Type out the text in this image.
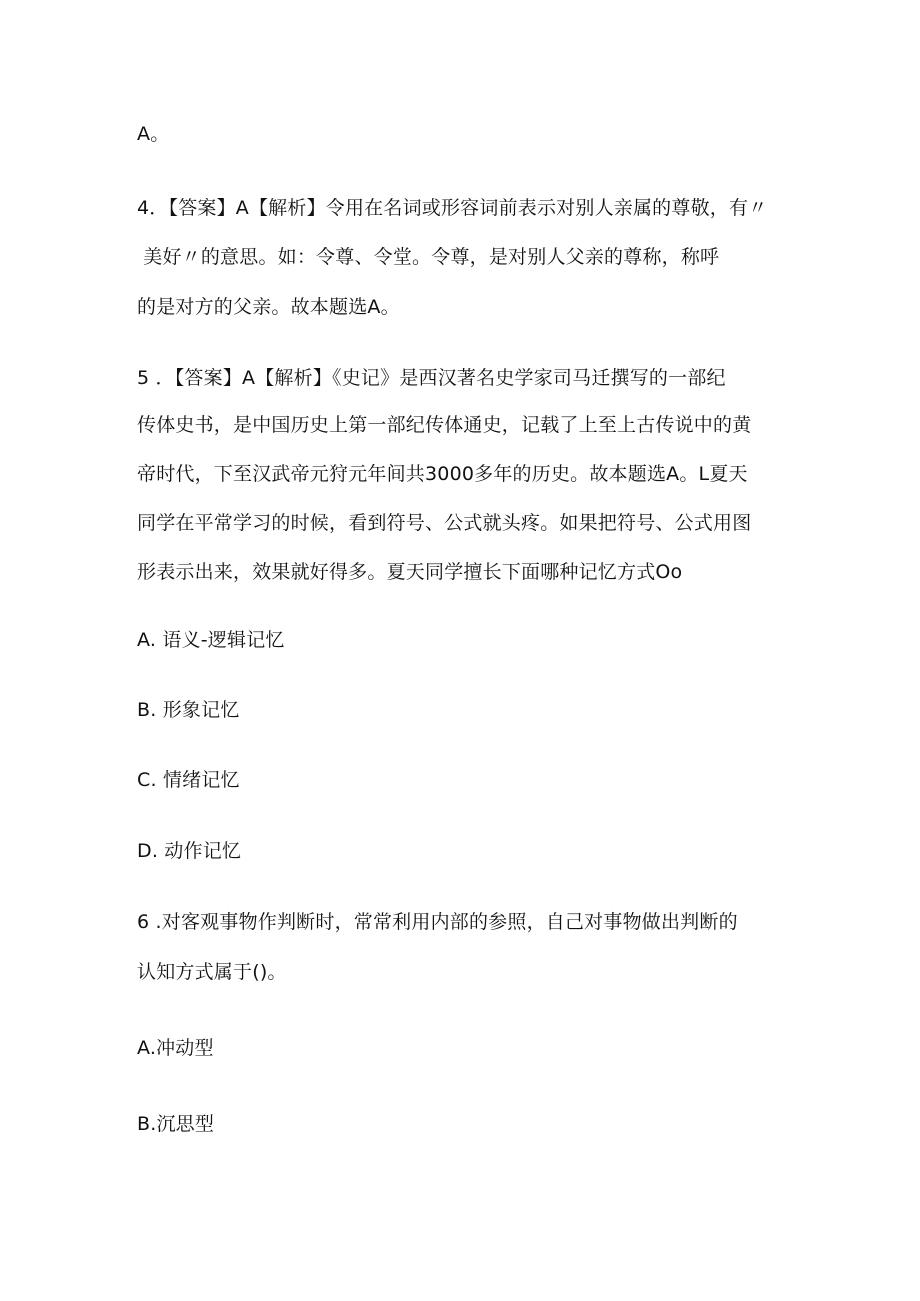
A。
4．【答案】A【解析】令用在名词或形容词前表示对别人亲属的尊敬，有〃
美好〃的意思。如：令尊、令堂。令尊，是对别人父亲的尊称，称呼
的是对方的父亲。故本题选A。
5 ．【答案】A【解析】《史记》是西汉著名史学家司马迁撰写的一部纪
传体史书，是中国历史上第一部纪传体通史，记载了上至上古传说中的黄
帝时代，下至汉武帝元狩元年间共3000多年的历史。故本题选A。L夏天
同学在平常学习的时候，看到符号、公式就头疼。如果把符号、公式用图
形表示出来，效果就好得多。夏天同学擅长下面哪种记忆方式Oo
A. 语义-逻辑记忆
B. 形象记忆
C. 情绪记忆
D. 动作记忆
6 .对客观事物作判断时，常常利用内部的参照，自己对事物做出判断的
认知方式属于()。
A.冲动型
B.沉思型
